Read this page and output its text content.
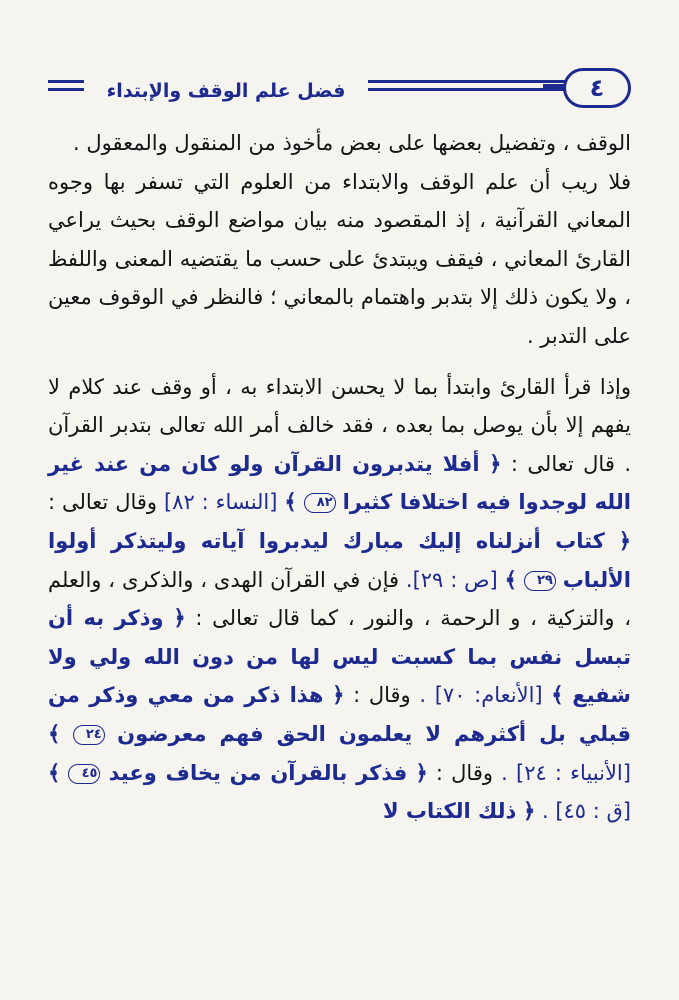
فضل علم الوقف والإبتداء	٤

الوقف ، وتفضيل بعضها على بعض مأخوذ من المنقول والمعقول .

فلا ريب أن علم الوقف والابتداء من العلوم التي تسفر بها وجوه المعاني القرآنية ، إذ المقصود منه بيان مواضع الوقف بحيث يراعي القارئ المعاني ، فيقف ويبتدئ على حسب ما يقتضيه المعنى واللفظ ، ولا يكون ذلك إلا بتدبر واهتمام بالمعاني ؛ فالنظر في الوقوف معين على التدبر .

وإذا قرأ القارئ وابتدأ بما لا يحسن الابتداء به ، أو وقف عند كلام لا يفهم إلا بأن يوصل بما بعده ، فقد خالف أمر الله تعالى بتدبر القرآن . قال تعالى : ﴿ أفلا يتدبرون القرآن ولو كان من عند غير الله لوجدوا فيه اختلافا كثيرا ٨٢ ﴾ [النساء : ٨٢] وقال تعالى : ﴿ كتاب أنزلناه إليك مبارك ليدبروا آياته وليتذكر أولوا الألباب ٢٩ ﴾ [ص : ٢٩]. فإن في القرآن الهدى ، والذكرى ، والعلم ، والتزكية ، و الرحمة ، والنور ، كما قال تعالى : ﴿ وذكر به أن تبسل نفس بما كسبت ليس لها من دون الله ولي ولا شفيع ﴾ [الأنعام: ٧٠] . وقال : ﴿ هذا ذكر من معي وذكر من قبلي بل أكثرهم لا يعلمون الحق فهم معرضون ٢٤ ﴾ [الأنبياء : ٢٤] . وقال : ﴿ فذكر بالقرآن من يخاف وعيد ٤٥ ﴾ [ق : ٤٥] . ﴿ ذلك الكتاب لا
